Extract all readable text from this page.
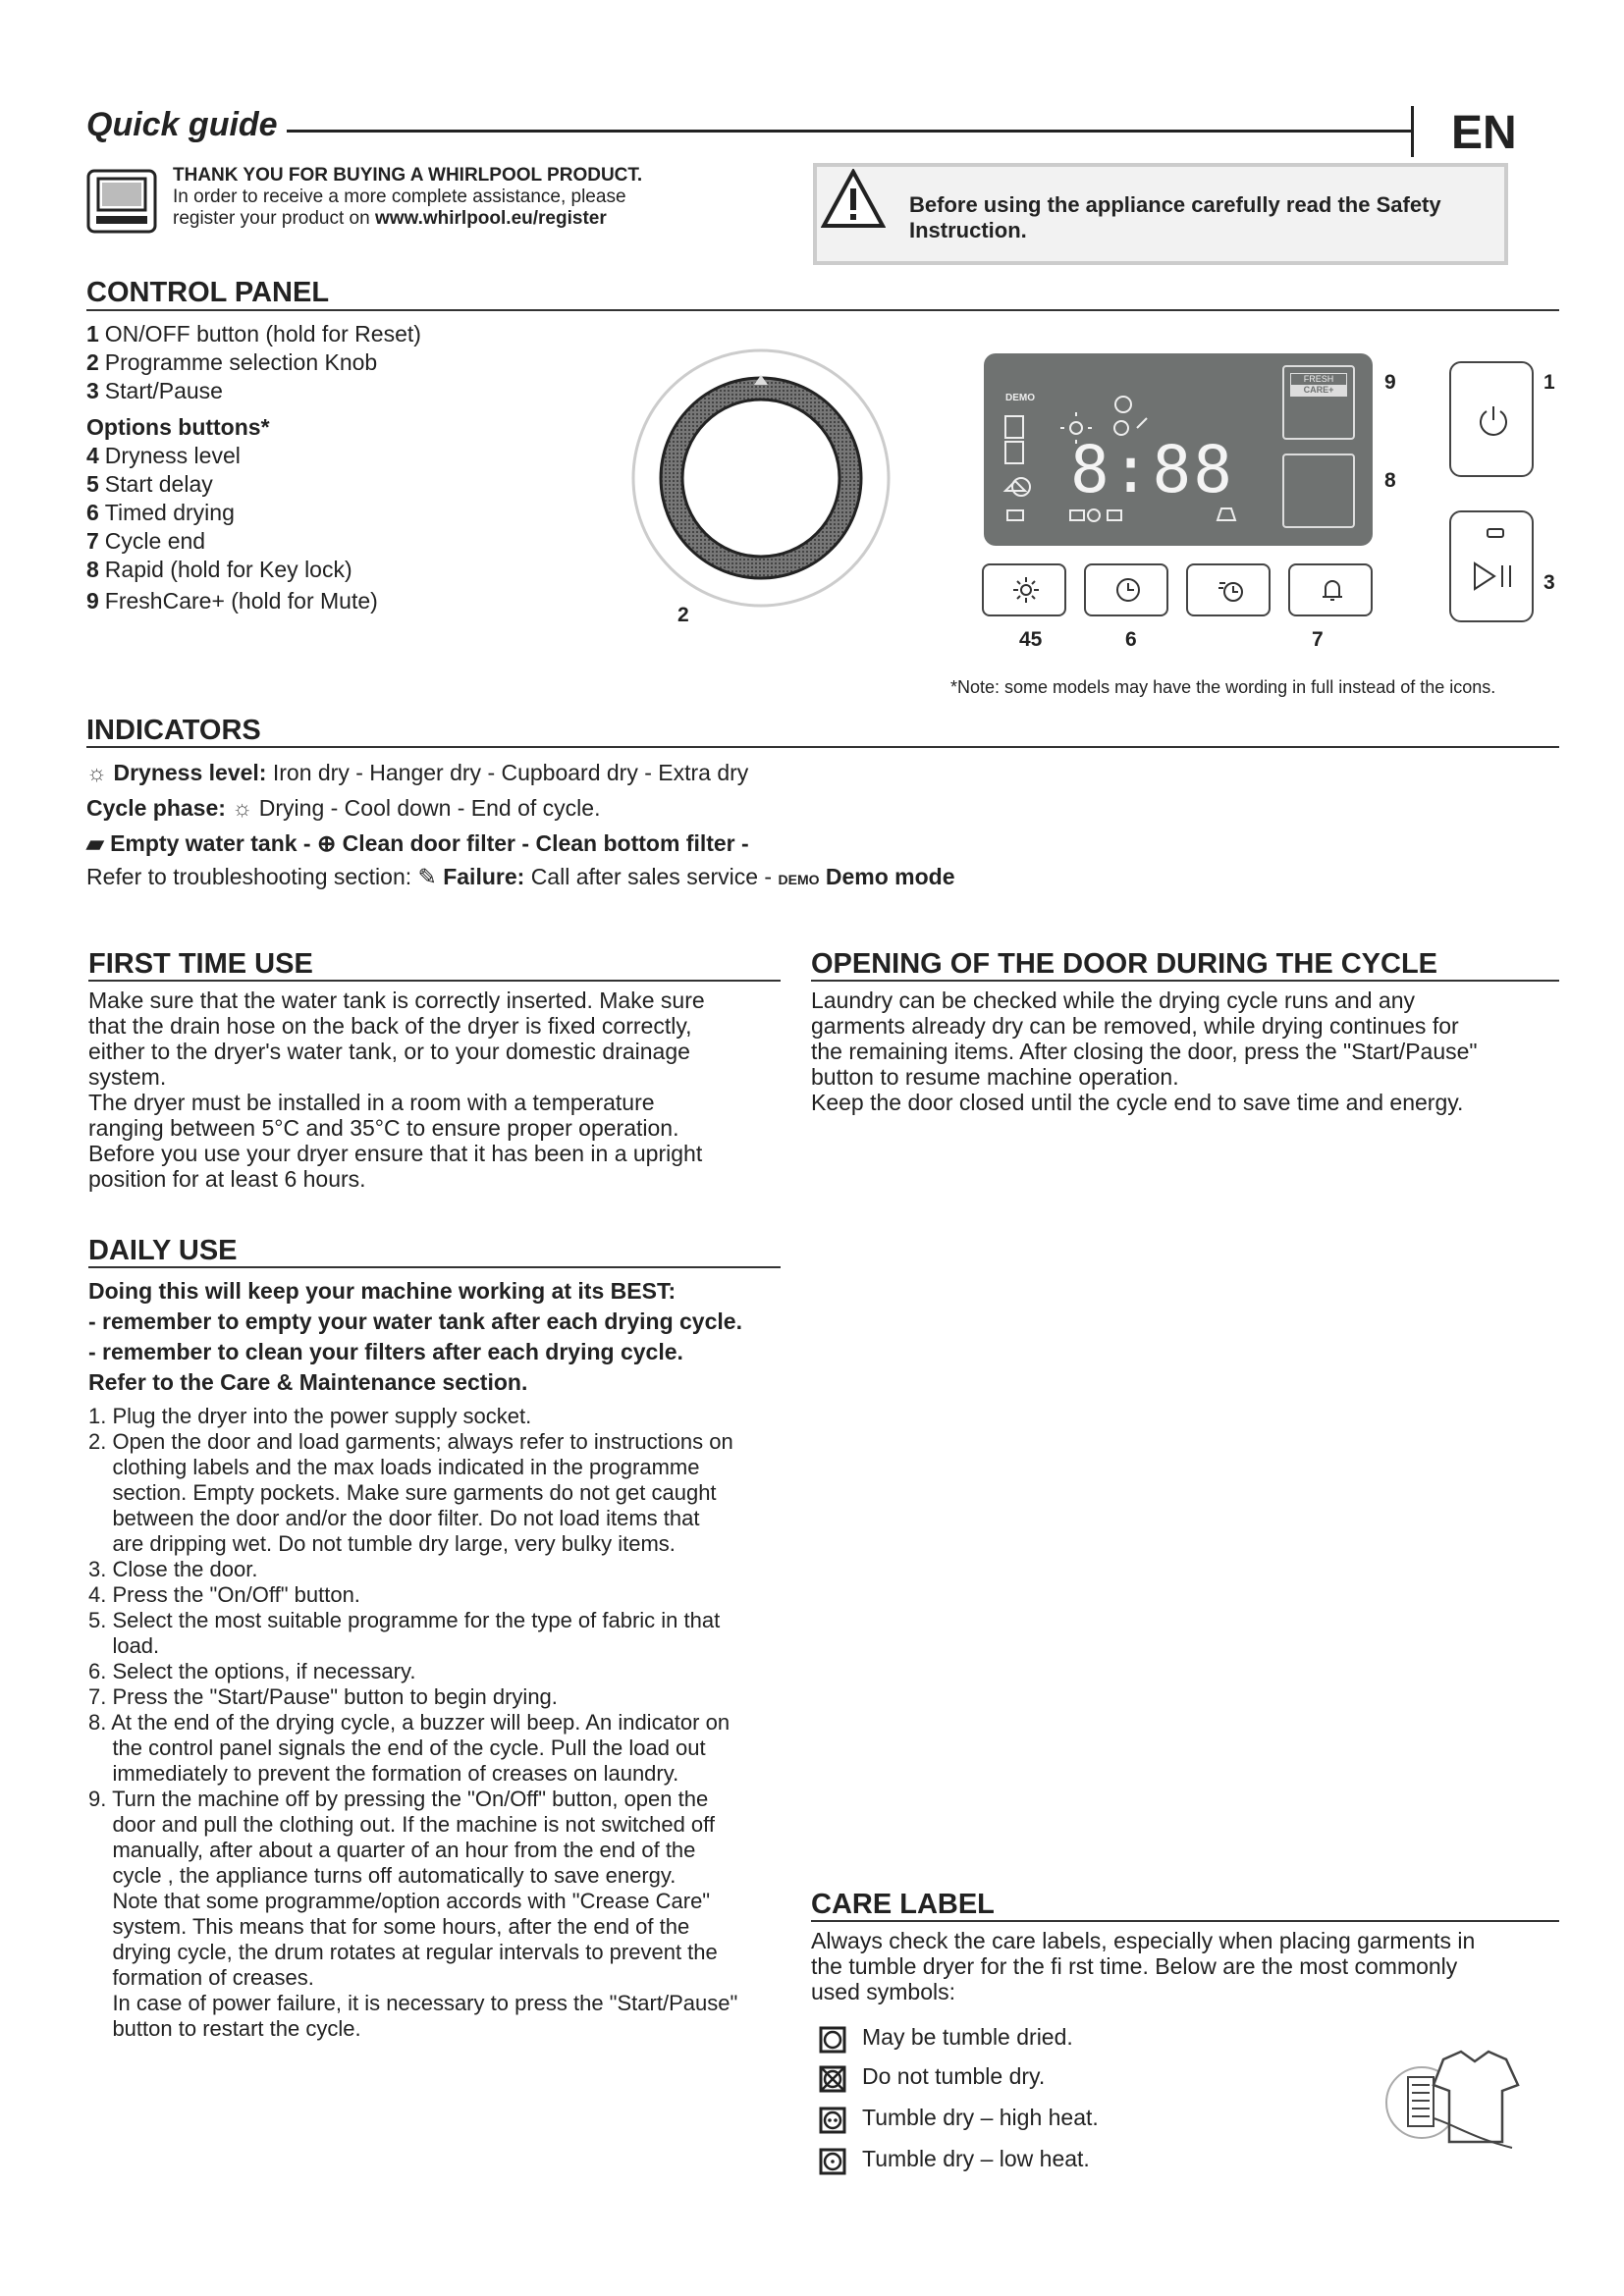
Quick guide	EN
THANK YOU FOR BUYING A WHIRLPOOL PRODUCT.
In order to receive a more complete assistance, please
register your product on www.whirlpool.eu/register
Before using the appliance carefully read the Safety Instruction.
CONTROL PANEL
1 ON/OFF button (hold for Reset)
2 Programme selection Knob
3 Start/Pause
Options buttons*
4 Dryness level
5 Start delay
6 Timed drying
7 Cycle end
8 Rapid (hold for Key lock)
9 FreshCare+ (hold for Mute)
2
DEMO
8:88
FRESH
CARE+	9
8
1
3
45	6	7
*Note: some models may have the wording in full instead of the icons.
INDICATORS
☼ Dryness level: Iron dry - Hanger dry - Cupboard dry - Extra dry
Cycle phase: ☼ Drying - Cool down - End of cycle.
▰ Empty water tank - ⊕ Clean door filter - Clean bottom filter -
Refer to troubleshooting section: ✎ Failure: Call after sales service - DEMO Demo mode
FIRST TIME USE
Make sure that the water tank is correctly inserted. Make sure
that the drain hose on the back of the dryer is fixed correctly,
either to the dryer's water tank, or to your domestic drainage
system.
The dryer must be installed in a room with a temperature
ranging between 5°C and 35°C to ensure proper operation.
Before you use your dryer ensure that it has been in a upright
position for at least 6 hours.
OPENING OF THE DOOR DURING THE CYCLE
Laundry can be checked while the drying cycle runs and any
garments already dry can be removed, while drying continues for
the remaining items. After closing the door, press the "Start/Pause"
button to resume machine operation.
Keep the door closed until the cycle end to save time and energy.
DAILY USE
Doing this will keep your machine working at its BEST:
- remember to empty your water tank after each drying cycle.
- remember to clean your filters after each drying cycle.
Refer to the Care & Maintenance section.
1. Plug the dryer into the power supply socket.
2. Open the door and load garments; always refer to instructions on
clothing labels and the max loads indicated in the programme
section. Empty pockets. Make sure garments do not get caught
between the door and/or the door filter. Do not load items that
are dripping wet. Do not tumble dry large, very bulky items.
3. Close the door.
4. Press the "On/Off" button.
5. Select the most suitable programme for the type of fabric in that
load.
6. Select the options, if necessary.
7. Press the "Start/Pause" button to begin drying.
8. At the end of the drying cycle, a buzzer will beep. An indicator on
the control panel signals the end of the cycle. Pull the load out
immediately to prevent the formation of creases on laundry.
9. Turn the machine off by pressing the "On/Off" button, open the
door and pull the clothing out. If the machine is not switched off
manually, after about a quarter of an hour from the end of the
cycle , the appliance turns off automatically to save energy.
Note that some programme/option accords with "Crease Care"
system. This means that for some hours, after the end of the
drying cycle, the drum rotates at regular intervals to prevent the
formation of creases.
In case of power failure, it is necessary to press the "Start/Pause"
button to restart the cycle.
CARE LABEL
Always check the care labels, especially when placing garments in
the tumble dryer for the fi rst time. Below are the most commonly
used symbols:
May be tumble dried.
Do not tumble dry.
Tumble dry – high heat.
Tumble dry – low heat.
